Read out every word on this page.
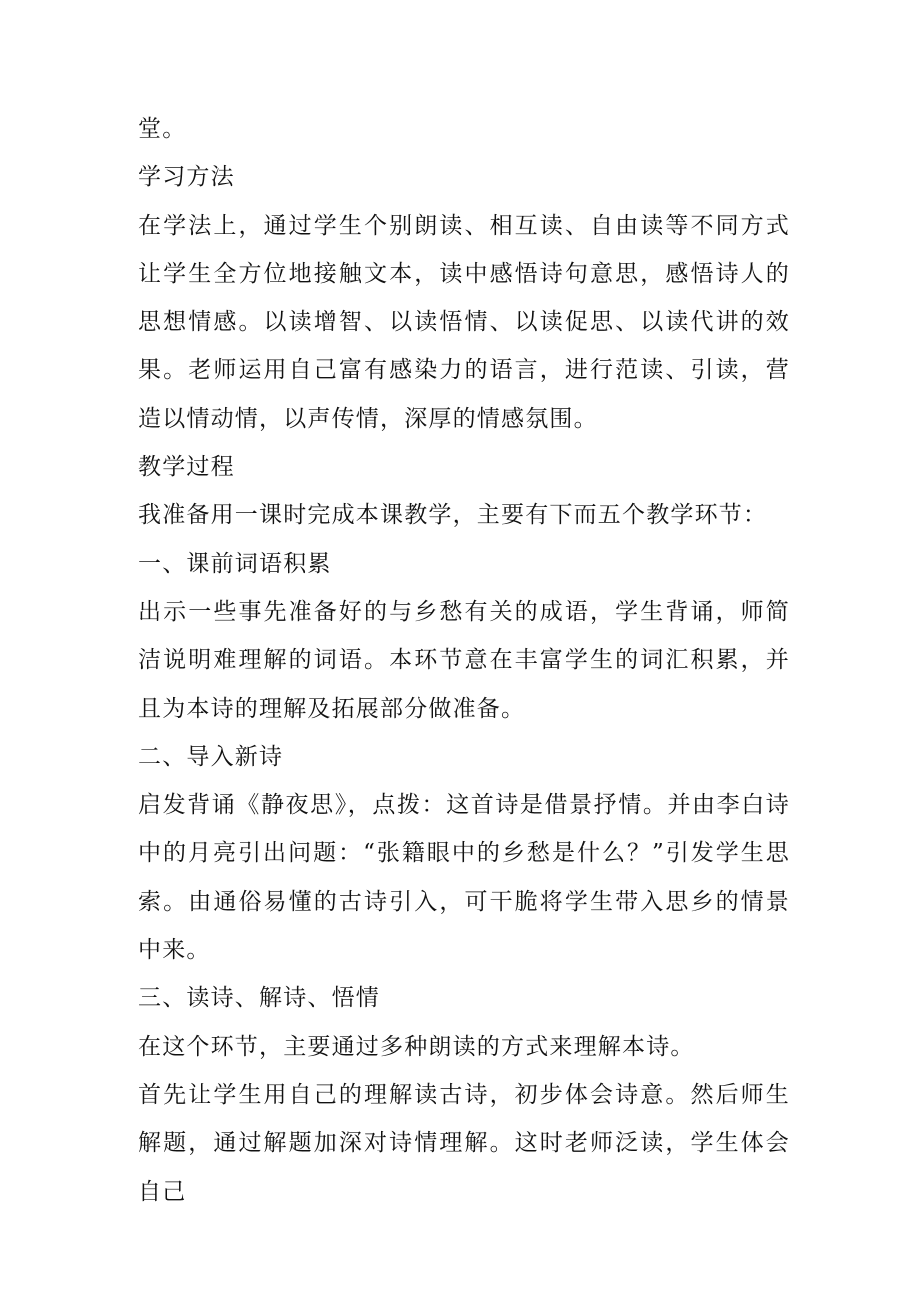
堂。

学习方法

在学法上，通过学生个别朗读、相互读、自由读等不同方式让学生全方位地接触文本，读中感悟诗句意思，感悟诗人的思想情感。以读增智、以读悟情、以读促思、以读代讲的效果。老师运用自己富有感染力的语言，进行范读、引读，营造以情动情，以声传情，深厚的情感氛围。

教学过程

我准备用一课时完成本课教学，主要有下而五个教学环节：

一、课前词语积累

出示一些事先准备好的与乡愁有关的成语，学生背诵，师简洁说明难理解的词语。本环节意在丰富学生的词汇积累，并且为本诗的理解及拓展部分做准备。

二、导入新诗

启发背诵《静夜思》，点拨：这首诗是借景抒情。并由李白诗中的月亮引出问题：“张籍眼中的乡愁是什么？”引发学生思索。由通俗易懂的古诗引入，可干脆将学生带入思乡的情景中来。

三、读诗、解诗、悟情

在这个环节，主要通过多种朗读的方式来理解本诗。

首先让学生用自己的理解读古诗，初步体会诗意。然后师生解题，通过解题加深对诗情理解。这时老师泛读，学生体会自己
